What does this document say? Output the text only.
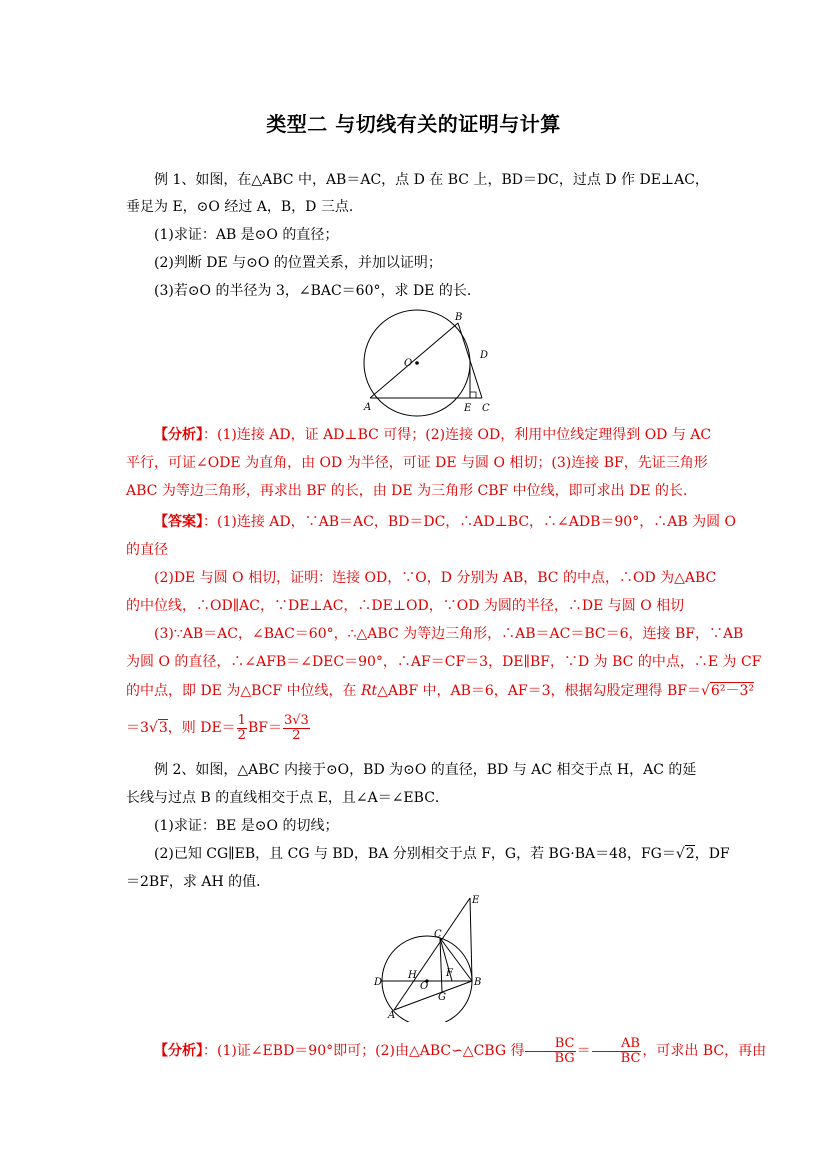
类型二 与切线有关的证明与计算
例 1、如图，在△ABC 中，AB＝AC，点 D 在 BC 上，BD＝DC，过点 D 作 DE⊥AC，
垂足为 E，⊙O 经过 A，B，D 三点．
(1)求证：AB 是⊙O 的直径；
(2)判断 DE 与⊙O 的位置关系，并加以证明；
(3)若⊙O 的半径为 3，∠BAC＝60°，求 DE 的长．
A
B
C
D
E
O
【分析】：(1)连接 AD，证 AD⊥BC 可得；(2)连接 OD，利用中位线定理得到 OD 与 AC
平行，可证∠ODE 为直角，由 OD 为半径，可证 DE 与圆 O 相切；(3)连接 BF，先证三角形
ABC 为等边三角形，再求出 BF 的长，由 DE 为三角形 CBF 中位线，即可求出 DE 的长．
【答案】：(1)连接 AD，∵AB＝AC，BD＝DC，∴AD⊥BC，∴∠ADB＝90°，∴AB 为圆 O
的直径
(2)DE 与圆 O 相切，证明：连接 OD，∵O，D 分别为 AB，BC 的中点，∴OD 为△ABC
的中位线，∴OD∥AC，∵DE⊥AC，∴DE⊥OD，∵OD 为圆的半径，∴DE 与圆 O 相切
(3)∵AB＝AC，∠BAC＝60°，∴△ABC 为等边三角形，∴AB＝AC＝BC＝6，连接 BF，∵AB
为圆 O 的直径，∴∠AFB＝∠DEC＝90°，∴AF＝CF＝3，DE∥BF，∵D 为 BC 的中点，∴E 为 CF
的中点，即 DE 为△BCF 中位线，在 Rt△ABF 中，AB＝6，AF＝3，根据勾股定理得 BF＝√6²－3²
＝3√3，则 $DE= \frac{1}{2} BF= \frac{3√3}{2}$
例 2、如图，△ABC 内接于⊙O，BD 为⊙O 的直径，BD 与 AC 相交于点 H，AC 的延
长线与过点 B 的直线相交于点 E，且∠A＝∠EBC．
(1)求证：BE 是⊙O 的切线；
(2)已知 CG∥EB，且 CG 与 BD，BA 分别相交于点 F，G，若 BG·BA＝48，FG＝√2，DF
＝2BF，求 AH 的值．
E
C
D	B
H	F
O
G
A
【分析】：(1)证∠EBD＝90°即可；(2)由△ABC∽△CBG 得 $\frac{BC}{BG} = \frac{AB}{BC}$ ，可求出 BC，再由
